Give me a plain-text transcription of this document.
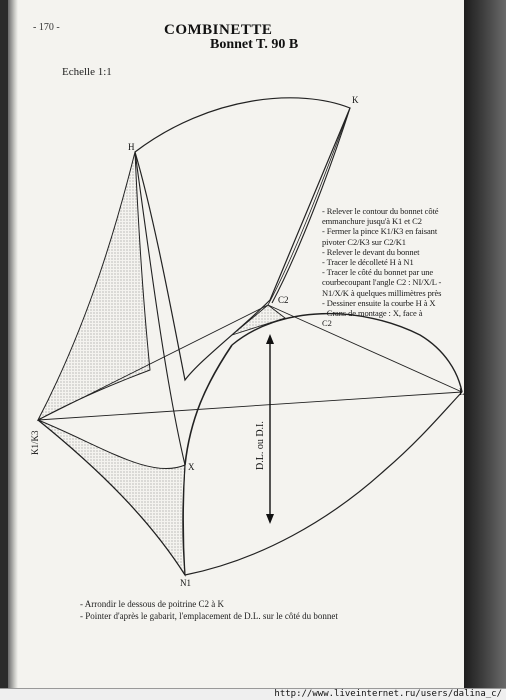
- 170 -	COMBINETTE
Bonnet T. 90 B
Echelle 1:1
D.L. ou D.I.
H
K
C2
X
N1
L
K1/K3
- Relever le contour du bonnet côté
emmanchure jusqu'à K1 et C2
- Fermer la pince K1/K3 en faisant
pivoter C2/K3 sur C2/K1
- Relever le devant du bonnet
- Tracer le décolleté H à N1
- Tracer le côté du bonnet par une
courbecoupant l'angle C2 : NI/X/L -
N1/X/K à quelques millimètres près
- Dessiner ensuite la courbe H à X
- Crans de montage : X, face à
C2
- Arrondir le dessous de poitrine C2 à K
- Pointer d'après le gabarit, l'emplacement de D.L. sur le côté du bonnet
http://www.liveinternet.ru/users/dalina_c/
